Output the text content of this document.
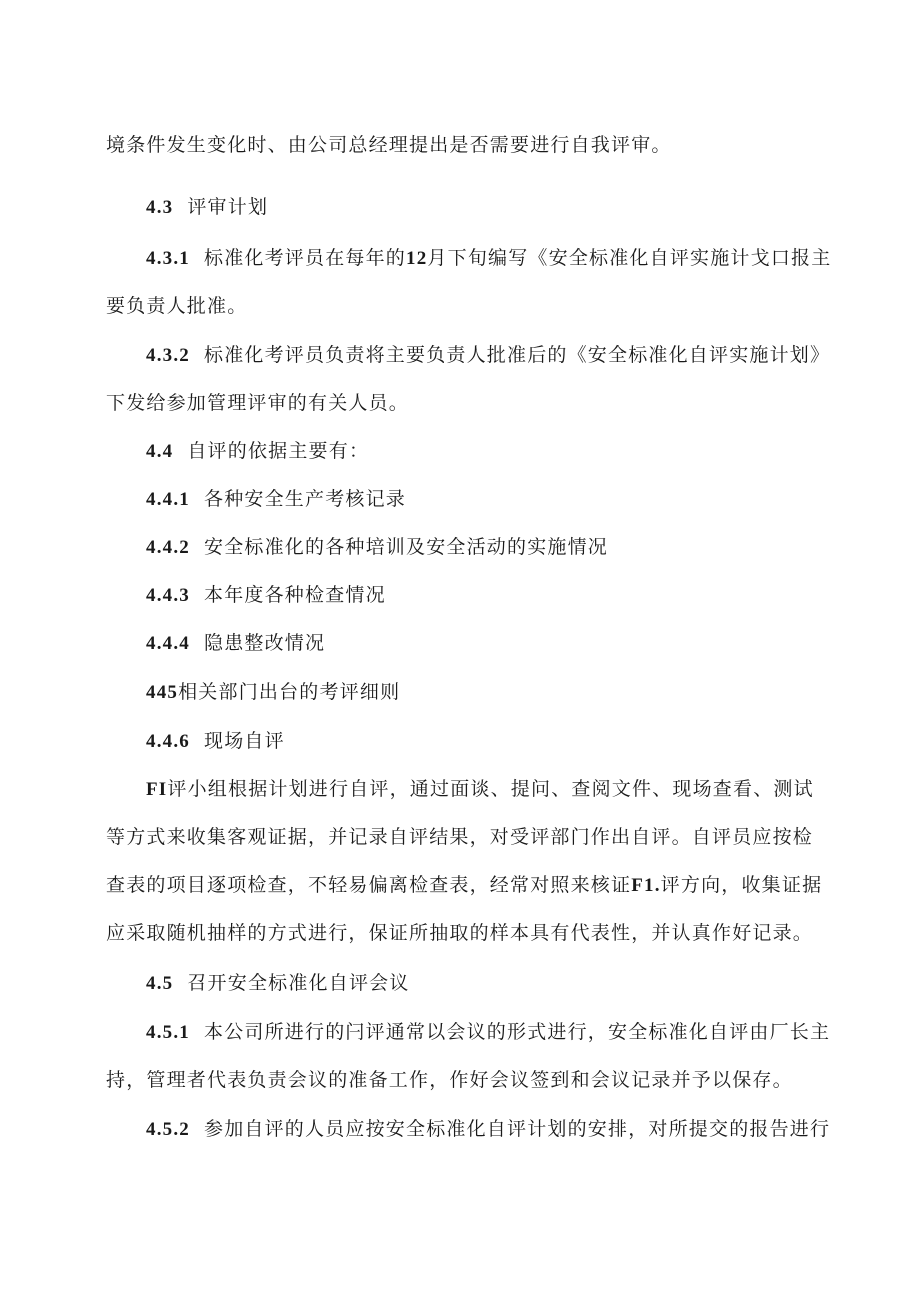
境条件发生变化时、由公司总经理提出是否需要进行自我评审。
4.3 评审计划
4.3.1 标准化考评员在每年的12月下旬编写《安全标准化自评实施计戈口报主
要负责人批准。
4.3.2 标准化考评员负责将主要负责人批准后的《安全标准化自评实施计划》
下发给参加管理评审的有关人员。
4.4 自评的依据主要有：
4.4.1 各种安全生产考核记录
4.4.2 安全标准化的各种培训及安全活动的实施情况
4.4.3 本年度各种检查情况
4.4.4 隐患整改情况
445相关部门出台的考评细则
4.4.6 现场自评
FI评小组根据计划进行自评，通过面谈、提问、查阅文件、现场查看、测试
等方式来收集客观证据，并记录自评结果，对受评部门作出自评。自评员应按检
查表的项目逐项检查，不轻易偏离检查表，经常对照来核证F1.评方向，收集证据
应采取随机抽样的方式进行，保证所抽取的样本具有代表性，并认真作好记录。
4.5 召开安全标准化自评会议
4.5.1 本公司所进行的闩评通常以会议的形式进行，安全标准化自评由厂长主
持，管理者代表负责会议的准备工作，作好会议签到和会议记录并予以保存。
4.5.2 参加自评的人员应按安全标准化自评计划的安排，对所提交的报告进行
